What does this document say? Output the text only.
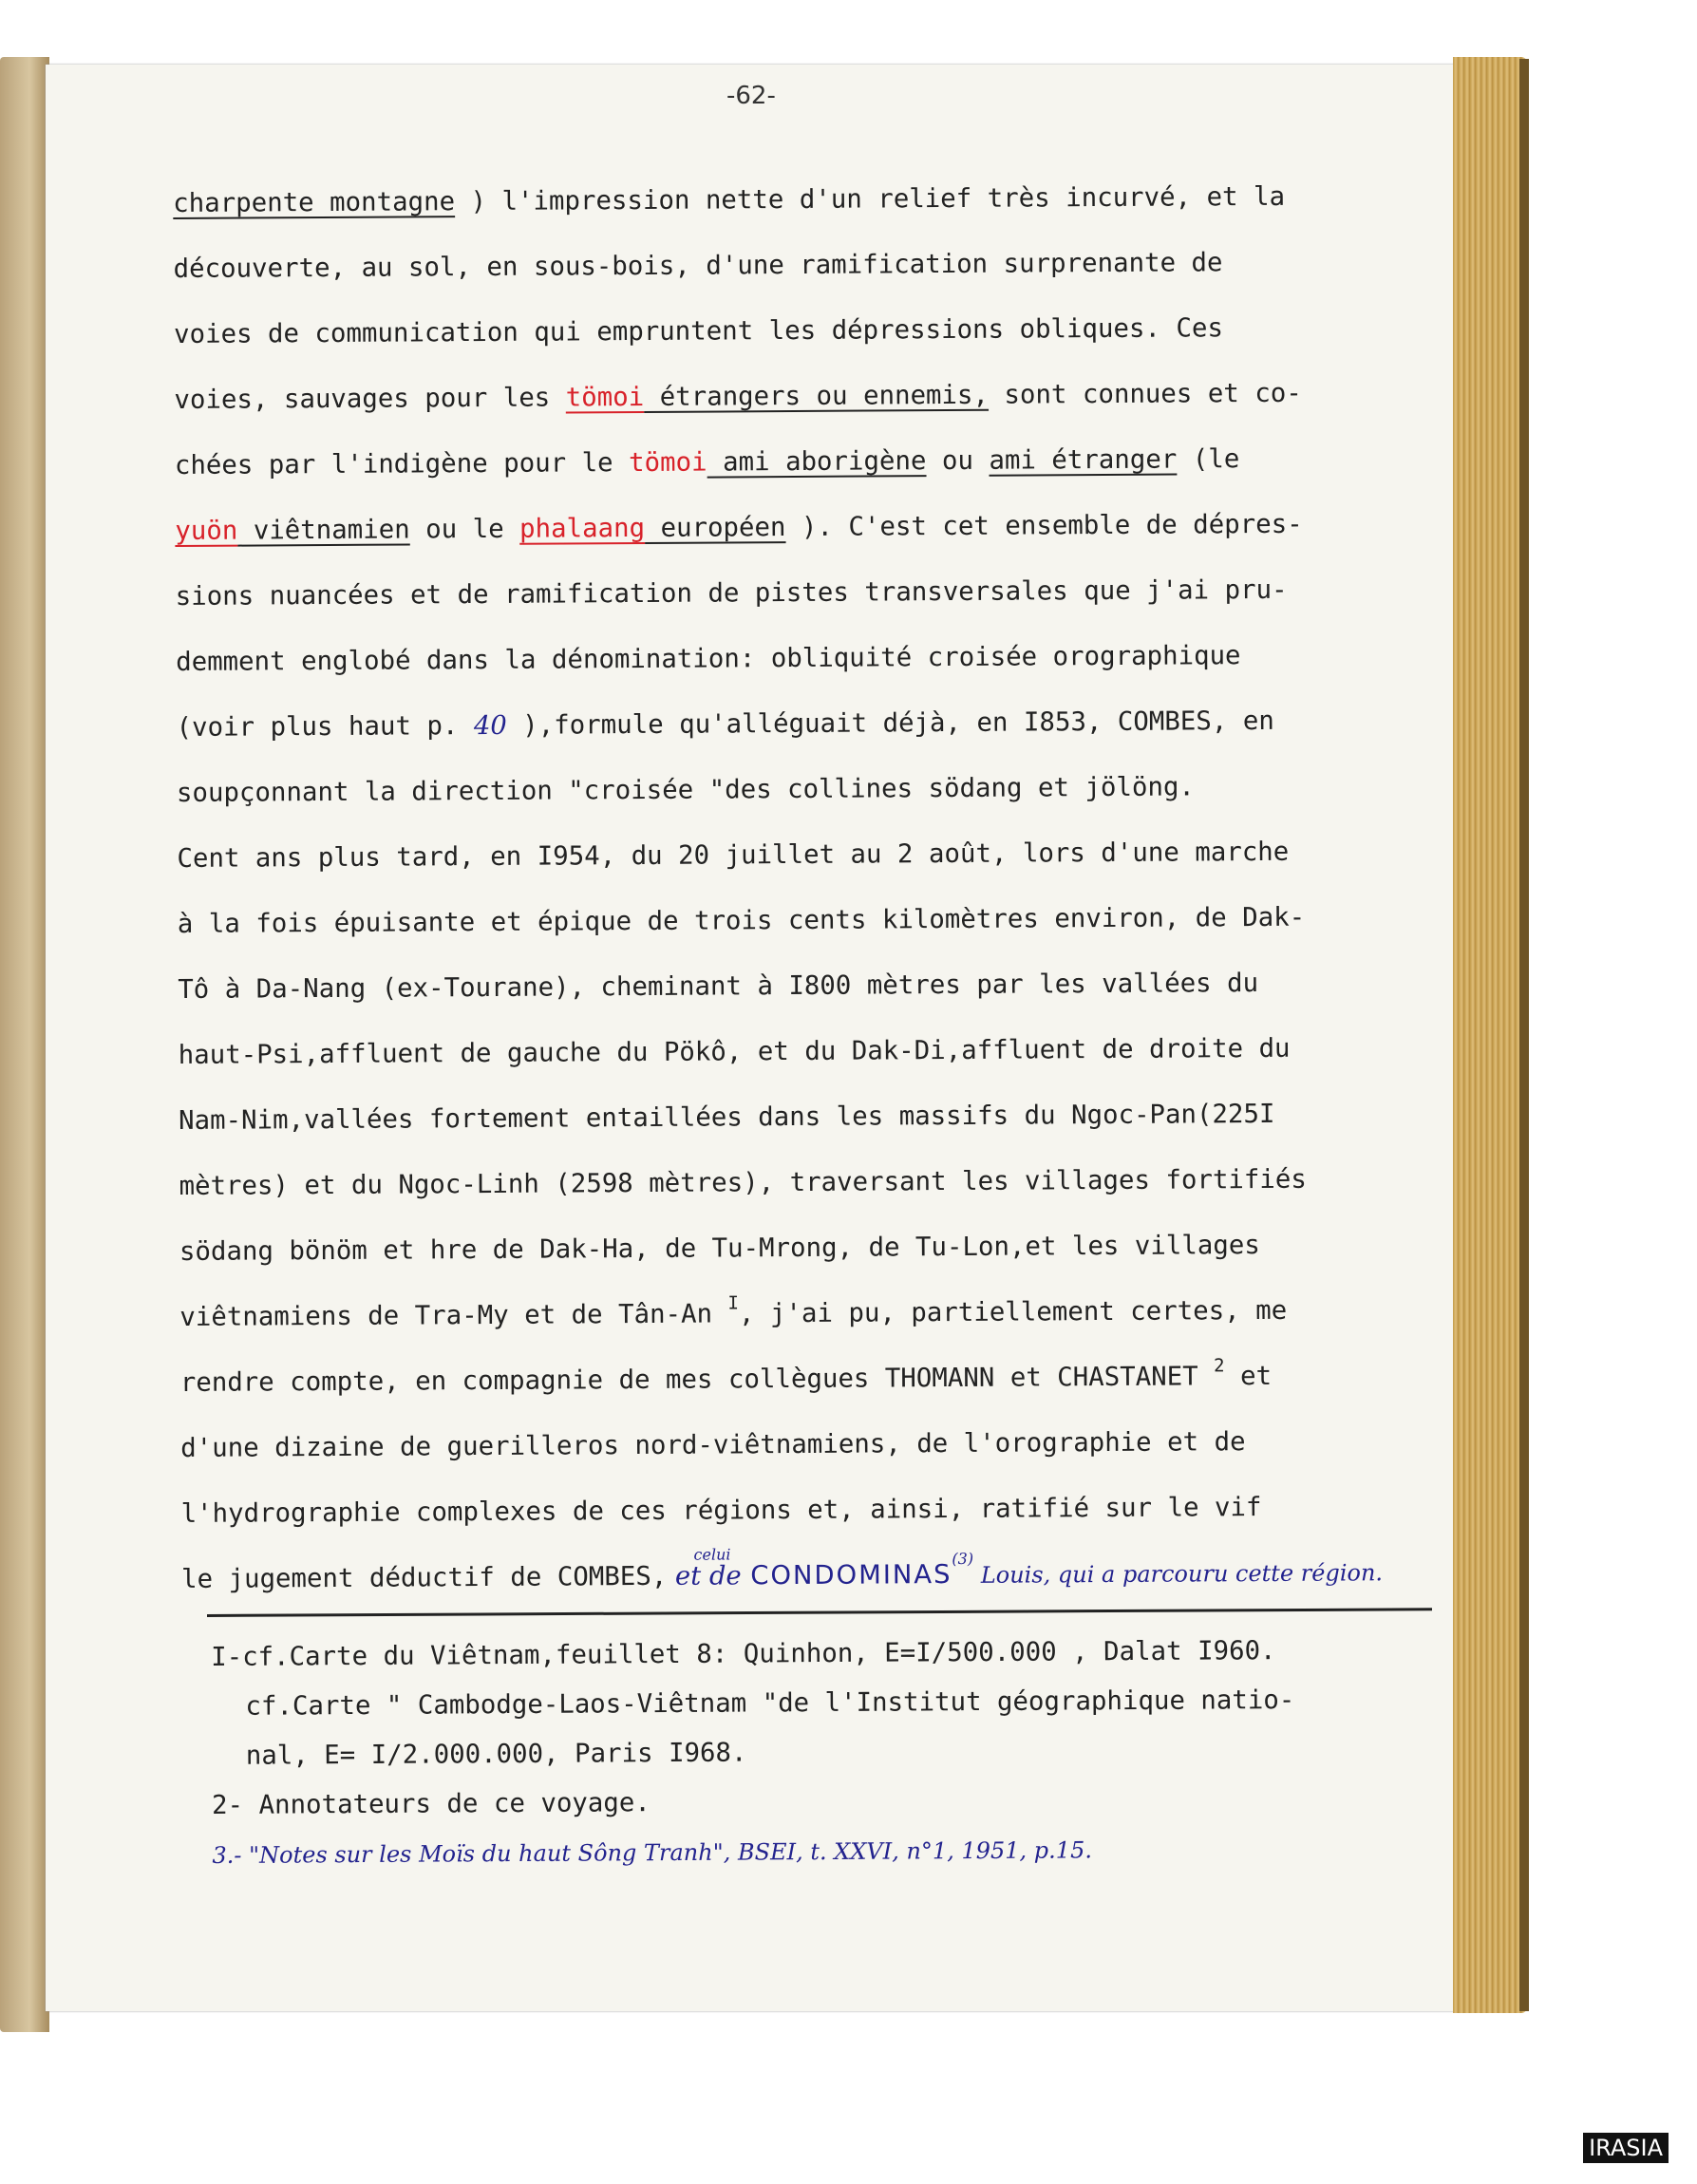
-62-
charpente montagne ) l'impression nette d'un relief très incurvé, et la
découverte, au sol, en sous-bois, d'une ramification surprenante de
voies de communication qui empruntent les dépressions obliques. Ces
voies, sauvages pour les tömoi étrangers ou ennemis, sont connues et co-
chées par l'indigène pour le tömoi ami aborigène ou ami étranger (le
yuön viêtnamien ou le phalaang européen ). C'est cet ensemble de dépres-
sions nuancées et de ramification de pistes transversales que j'ai pru-
demment englobé dans la dénomination: obliquité croisée orographique
(voir plus haut p. 40 ),formule qu'alléguait déjà, en I853, COMBES, en
soupçonnant la direction "croisée "des collines södang et jölöng.
Cent ans plus tard, en I954, du 20 juillet au 2 août, lors d'une marche
à la fois épuisante et épique de trois cents kilomètres environ, de Dak-
Tô à Da-Nang (ex-Tourane), cheminant à I800 mètres par les vallées du
haut-Psi,affluent de gauche du Pökô, et du Dak-Di,affluent de droite du
Nam-Nim,vallées fortement entaillées dans les massifs du Ngoc-Pan(225I
mètres) et du Ngoc-Linh (2598 mètres), traversant les villages fortifiés
södang bönöm et hre de Dak-Ha, de Tu-Mrong, de Tu-Lon,et les villages
viêtnamiens de Tra-My et de Tân-An $^I$, j'ai pu, partiellement certes, me
rendre compte, en compagnie de mes collègues THOMANN et CHASTANET $^2$ et
d'une dizaine de guerilleros nord-viêtnamiens, de l'orographie et de
l'hydrographie complexes de ces régions et, ainsi, ratifié sur le vif
le jugement déductif de COMBES, et $de^{celui}$ CONDOMINAS$^{(3)}$ Louis, qui a parcouru cette région.
I-cf.Carte du Viêtnam,feuillet 8: Quinhon, E=I/500.000 , Dalat I960.
cf.Carte " Cambodge-Laos-Viêtnam "de l'Institut géographique natio-
nal, E= I/2.000.000, Paris I968.
2- Annotateurs de ce voyage.
3.- "Notes sur les Moïs du haut Sông Tranh", BSEI, t. XXVI, n°1, 1951, p.15.
IRASIA
